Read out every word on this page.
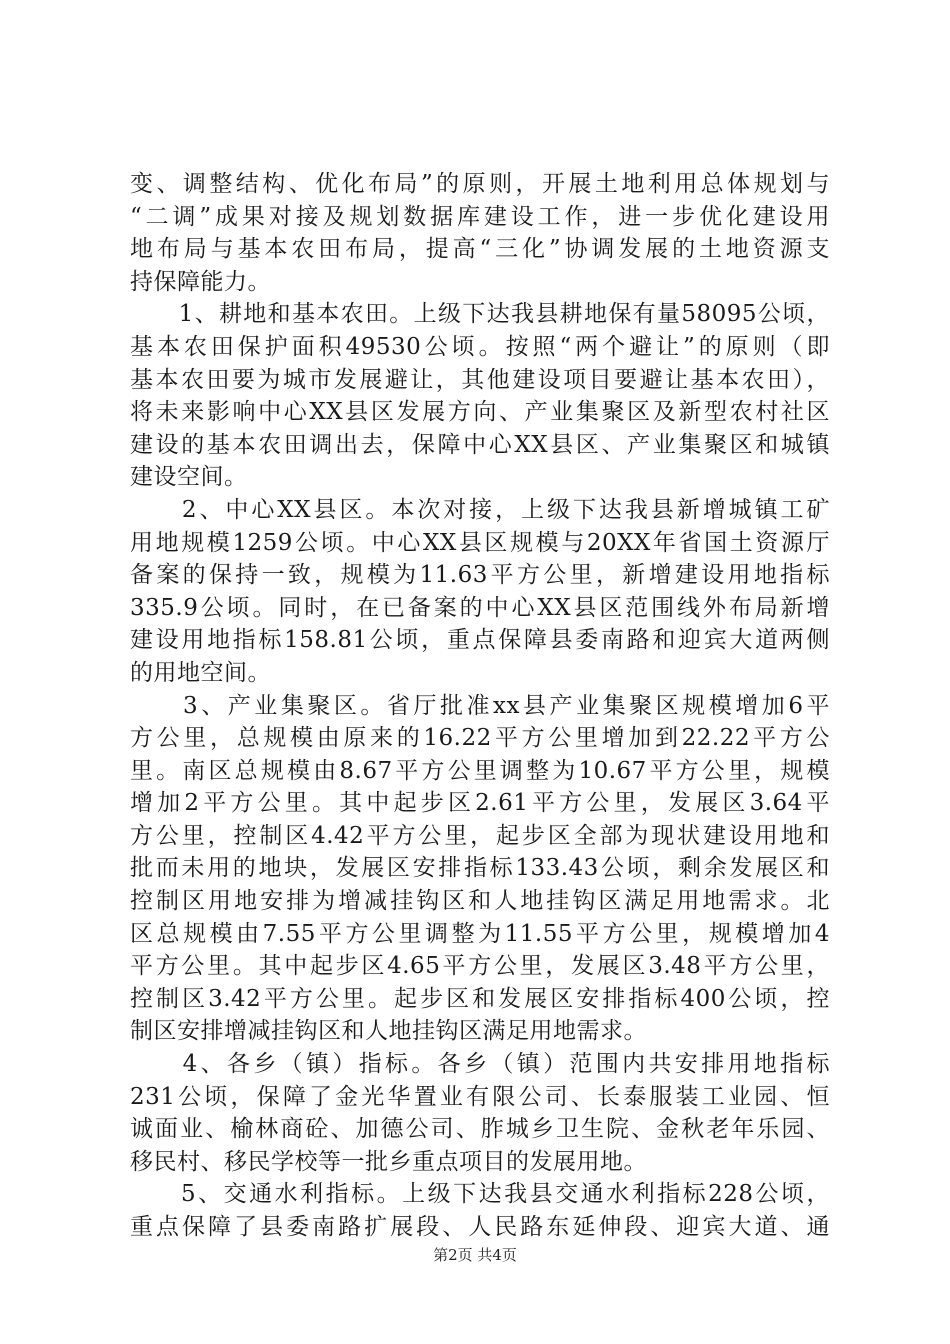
变、调整结构、优化布局”的原则，开展土地利用总体规划与
“二调”成果对接及规划数据库建设工作，进一步优化建设用
地布局与基本农田布局，提高“三化”协调发展的土地资源支
持保障能力。
　　1、耕地和基本农田。上级下达我县耕地保有量58095公顷，
基本农田保护面积49530公顷。按照“两个避让”的原则（即
基本农田要为城市发展避让，其他建设项目要避让基本农田），
将未来影响中心XX县区发展方向、产业集聚区及新型农村社区
建设的基本农田调出去，保障中心XX县区、产业集聚区和城镇
建设空间。
　　2、中心XX县区。本次对接，上级下达我县新增城镇工矿
用地规模1259公顷。中心XX县区规模与20XX年省国土资源厅
备案的保持一致，规模为11.63平方公里，新增建设用地指标
335.9公顷。同时，在已备案的中心XX县区范围线外布局新增
建设用地指标158.81公顷，重点保障县委南路和迎宾大道两侧
的用地空间。
　　3、产业集聚区。省厅批准xx县产业集聚区规模增加6平
方公里，总规模由原来的16.22平方公里增加到22.22平方公
里。南区总规模由8.67平方公里调整为10.67平方公里，规模
增加2平方公里。其中起步区2.61平方公里，发展区3.64平
方公里，控制区4.42平方公里，起步区全部为现状建设用地和
批而未用的地块，发展区安排指标133.43公顷，剩余发展区和
控制区用地安排为增减挂钩区和人地挂钩区满足用地需求。北
区总规模由7.55平方公里调整为11.55平方公里，规模增加4
平方公里。其中起步区4.65平方公里，发展区3.48平方公里，
控制区3.42平方公里。起步区和发展区安排指标400公顷，控
制区安排增减挂钩区和人地挂钩区满足用地需求。
　　4、各乡（镇）指标。各乡（镇）范围内共安排用地指标
231公顷，保障了金光华置业有限公司、长泰服装工业园、恒
诚面业、榆林商砼、加德公司、胙城乡卫生院、金秋老年乐园、
移民村、移民学校等一批乡重点项目的发展用地。
　　5、交通水利指标。上级下达我县交通水利指标228公顷，
重点保障了县委南路扩展段、人民路东延伸段、迎宾大道、通
第2页 共4页
